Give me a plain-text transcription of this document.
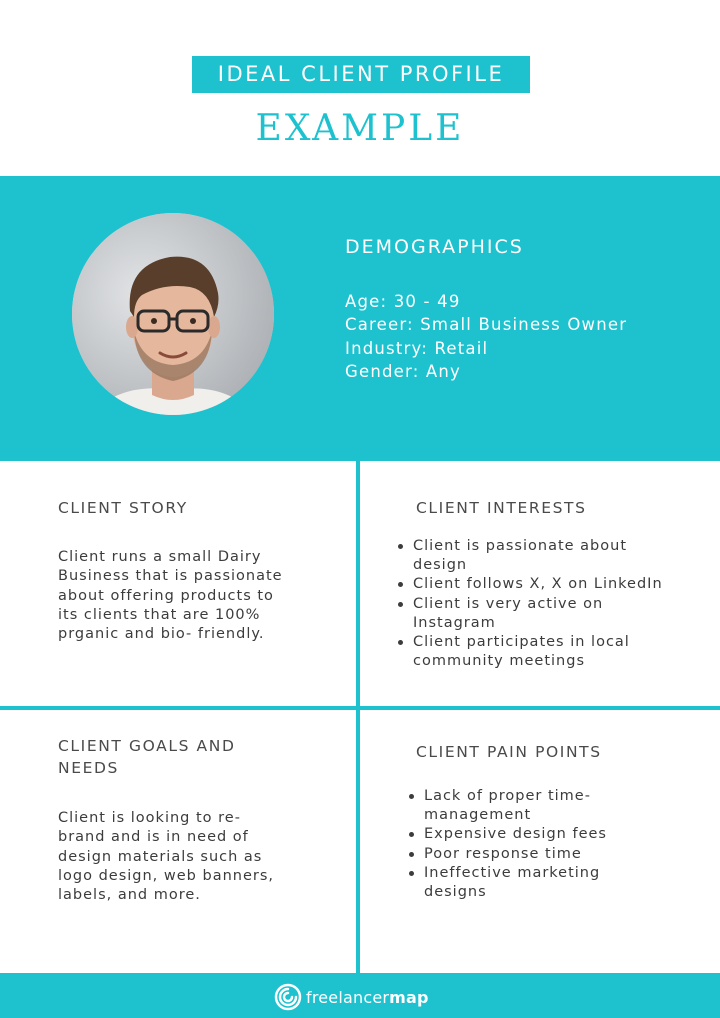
IDEAL CLIENT PROFILE
EXAMPLE
DEMOGRAPHICS
Age: 30 - 49
Career: Small Business Owner
Industry: Retail
Gender: Any
CLIENT STORY
Client runs a small Dairy
Business that is passionate
about offering products to
its clients that are 100%
prganic and bio- friendly.
CLIENT INTERESTS
Client is passionate about design
Client follows X, X on LinkedIn
Client is very active on Instagram
Client participates in local community meetings
CLIENT GOALS AND
NEEDS
Client is looking to re-
brand and is in need of
design materials such as
logo design, web banners,
labels, and more.
CLIENT PAIN POINTS
Lack of proper time-management
Expensive design fees
Poor response time
Ineffective marketing designs
freelancermap
